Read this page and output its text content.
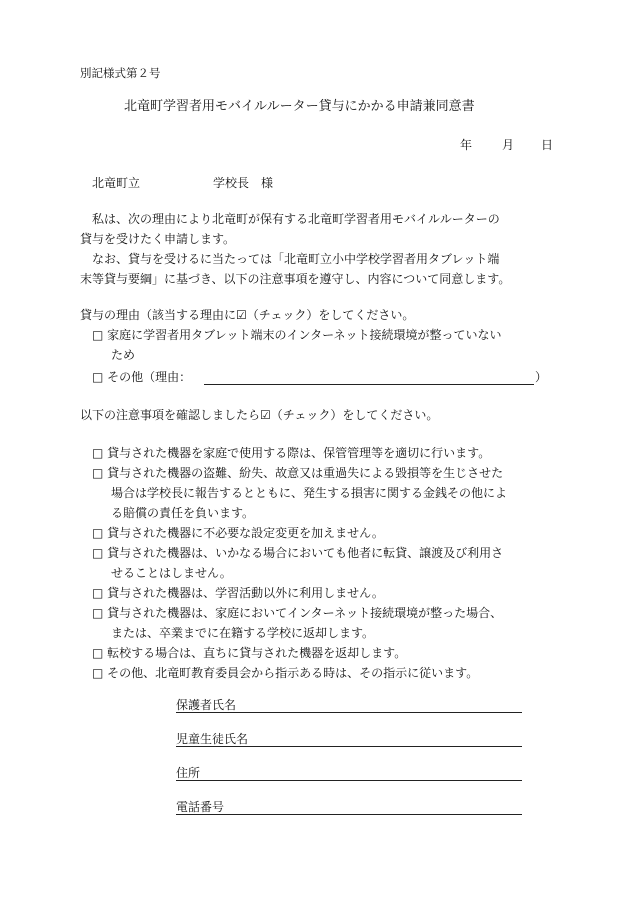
別記様式第２号
北竜町学習者用モバイルルーター貸与にかかる申請兼同意書
年 月 日
北竜町立	学校長　様
私は、次の理由により北竜町が保有する北竜町学習者用モバイルルーターの
貸与を受けたく申請します。
なお、貸与を受けるに当たっては「北竜町立小中学校学習者用タブレット端
末等貸与要綱」に基づき、以下の注意事項を遵守し、内容について同意します。
貸与の理由（該当する理由に☑（チェック）をしてください。
□ 家庭に学習者用タブレット端末のインターネット接続環境が整っていない
ため
□ その他（理由：	）
以下の注意事項を確認しましたら☑（チェック）をしてください。
□ 貸与された機器を家庭で使用する際は、保管管理等を適切に行います。
□ 貸与された機器の盗難、紛失、故意又は重過失による毀損等を生じさせた
場合は学校長に報告するとともに、発生する損害に関する金銭その他によ
る賠償の責任を負います。
□ 貸与された機器に不必要な設定変更を加えません。
□ 貸与された機器は、いかなる場合においても他者に転貸、譲渡及び利用さ
せることはしません。
□ 貸与された機器は、学習活動以外に利用しません。
□ 貸与された機器は、家庭においてインターネット接続環境が整った場合、
または、卒業までに在籍する学校に返却します。
□ 転校する場合は、直ちに貸与された機器を返却します。
□ その他、北竜町教育委員会から指示ある時は、その指示に従います。
保護者氏名
児童生徒氏名
住所
電話番号
